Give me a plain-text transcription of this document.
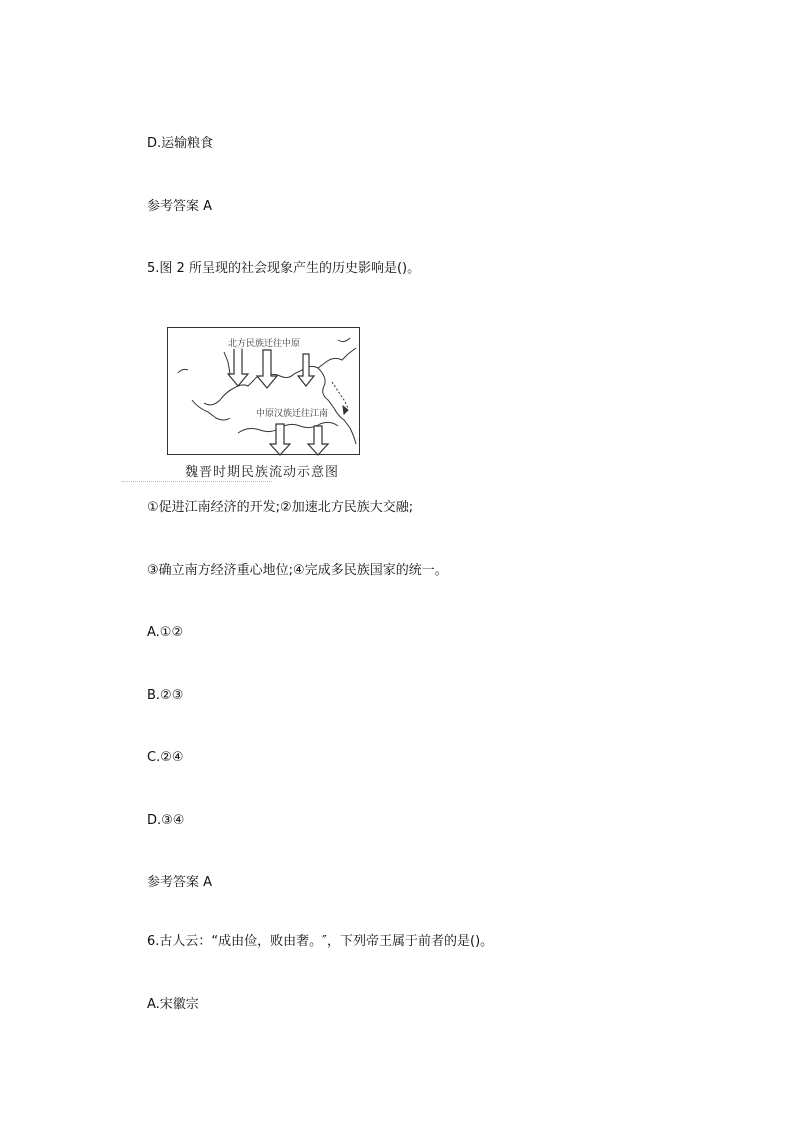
D.运输粮食
参考答案 A
5.图 2 所呈现的社会现象产生的历史影响是()。
北方民族迁往中原
中原汉族迁往江南
魏晋时期民族流动示意图
①促进江南经济的开发;②加速北方民族大交融;
③确立南方经济重心地位;④完成多民族国家的统一。
A.①②
B.②③
C.②④
D.③④
参考答案 A
6.古人云：“成由俭，败由奢。″，下列帝王属于前者的是()。
A.宋徽宗
